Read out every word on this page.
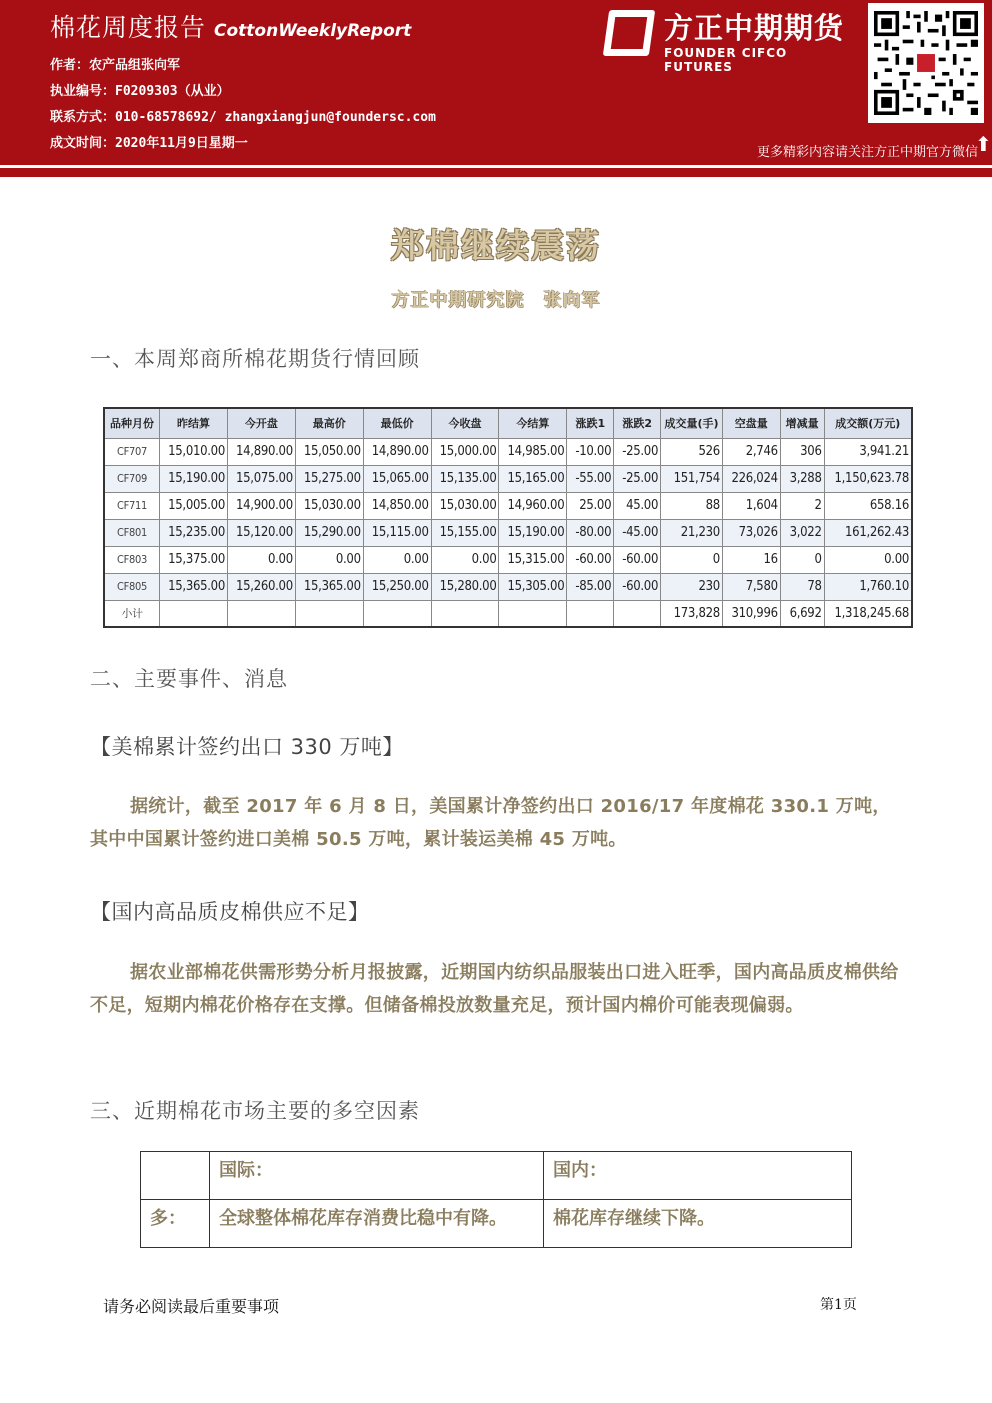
棉花周度报告 CottonWeeklyReport
作者：农产品组张向军
执业编号：F0209303（从业）
联系方式：010-68578692/ zhangxiangjun@foundersc.com
成文时间：2020年11月9日星期一
方正中期期货
FOUNDER CIFCO FUTURES
更多精彩内容请关注方正中期官方微信
⬆
郑棉继续震荡
方正中期研究院　张向军
一、本周郑商所棉花期货行情回顾
品种月份	昨结算	今开盘	最高价	最低价	今收盘	今结算	涨跌1	涨跌2	成交量(手)	空盘量	增减量	成交额(万元)
CF707	15,010.00	14,890.00	15,050.00	14,890.00	15,000.00	14,985.00	-10.00	-25.00	526	2,746	306	3,941.21
CF709	15,190.00	15,075.00	15,275.00	15,065.00	15,135.00	15,165.00	-55.00	-25.00	151,754	226,024	3,288	1,150,623.78
CF711	15,005.00	14,900.00	15,030.00	14,850.00	15,030.00	14,960.00	25.00	45.00	88	1,604	2	658.16
CF801	15,235.00	15,120.00	15,290.00	15,115.00	15,155.00	15,190.00	-80.00	-45.00	21,230	73,026	3,022	161,262.43
CF803	15,375.00	0.00	0.00	0.00	0.00	15,315.00	-60.00	-60.00	0	16	0	0.00
CF805	15,365.00	15,260.00	15,365.00	15,250.00	15,280.00	15,305.00	-85.00	-60.00	230	7,580	78	1,760.10
小计									173,828	310,996	6,692	1,318,245.68
二、主要事件、消息
【美棉累计签约出口 330 万吨】
据统计，截至 2017 年 6 月 8 日，美国累计净签约出口 2016/17 年度棉花 330.1 万吨，其中中国累计签约进口美棉 50.5 万吨，累计装运美棉 45 万吨。
【国内高品质皮棉供应不足】
据农业部棉花供需形势分析月报披露，近期国内纺织品服装出口进入旺季，国内高品质皮棉供给不足，短期内棉花价格存在支撑。但储备棉投放数量充足，预计国内棉价可能表现偏弱。
三、近期棉花市场主要的多空因素
	国际：	国内：
多：	全球整体棉花库存消费比稳中有降。	棉花库存继续下降。
请务必阅读最后重要事项	第1页
